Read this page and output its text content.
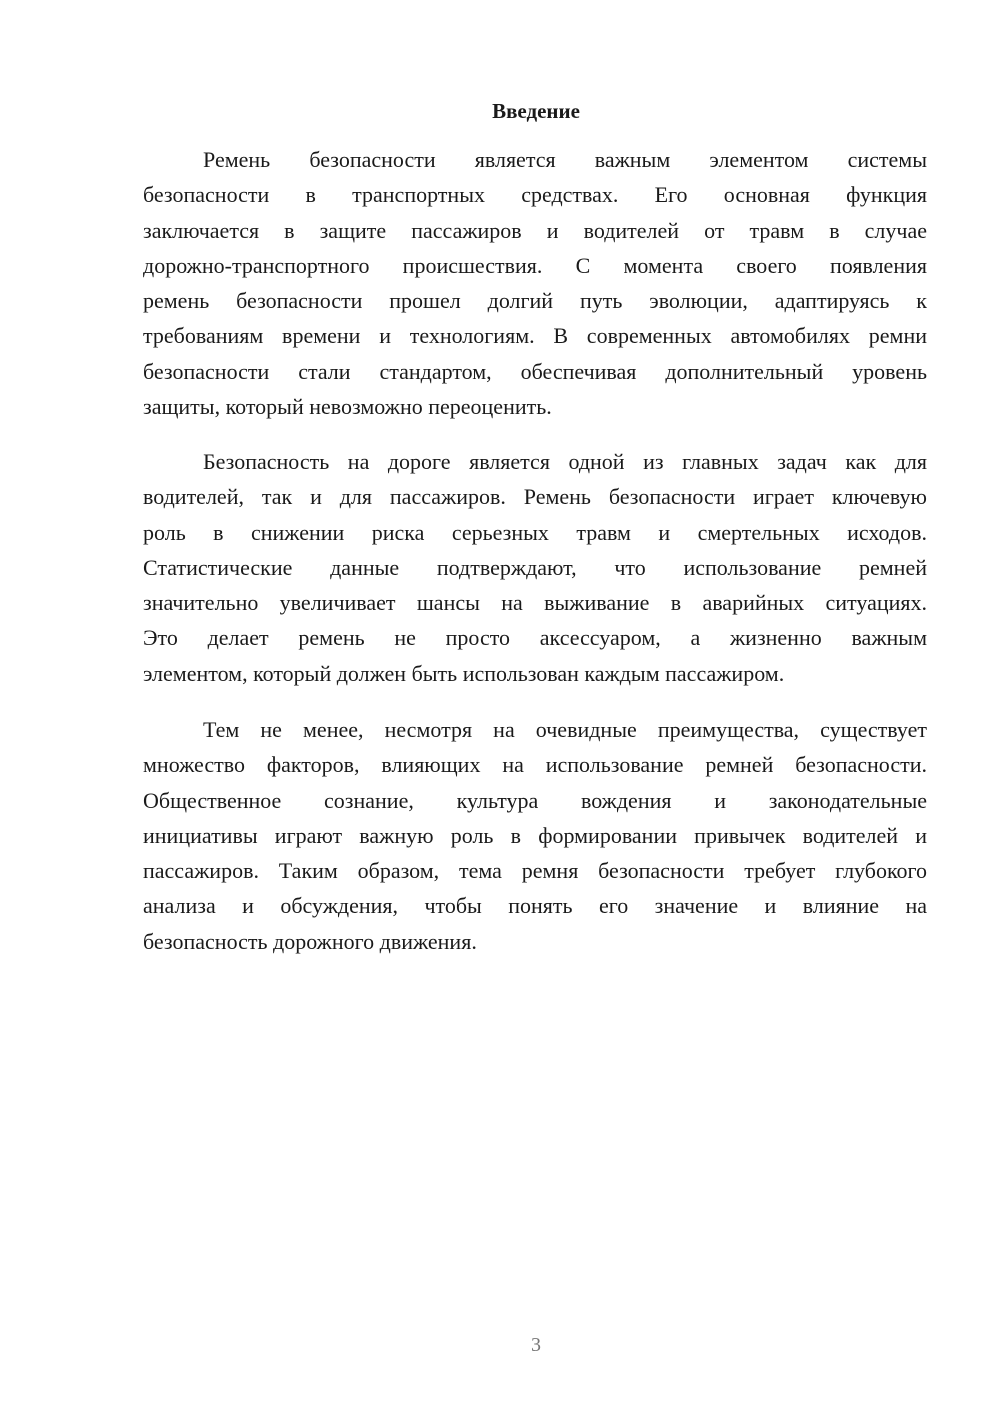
Введение
Ремень безопасности является важным элементом системы
безопасности в транспортных средствах. Его основная функция
заключается в защите пассажиров и водителей от травм в случае
дорожно-транспортного происшествия. С момента своего появления
ремень безопасности прошел долгий путь эволюции, адаптируясь к
требованиям времени и технологиям. В современных автомобилях ремни
безопасности стали стандартом, обеспечивая дополнительный уровень
защиты, который невозможно переоценить.
Безопасность на дороге является одной из главных задач как для
водителей, так и для пассажиров. Ремень безопасности играет ключевую
роль в снижении риска серьезных травм и смертельных исходов.
Статистические данные подтверждают, что использование ремней
значительно увеличивает шансы на выживание в аварийных ситуациях.
Это делает ремень не просто аксессуаром, а жизненно важным
элементом, который должен быть использован каждым пассажиром.
Тем не менее, несмотря на очевидные преимущества, существует
множество факторов, влияющих на использование ремней безопасности.
Общественное сознание, культура вождения и законодательные
инициативы играют важную роль в формировании привычек водителей и
пассажиров. Таким образом, тема ремня безопасности требует глубокого
анализа и обсуждения, чтобы понять его значение и влияние на
безопасность дорожного движения.
3
